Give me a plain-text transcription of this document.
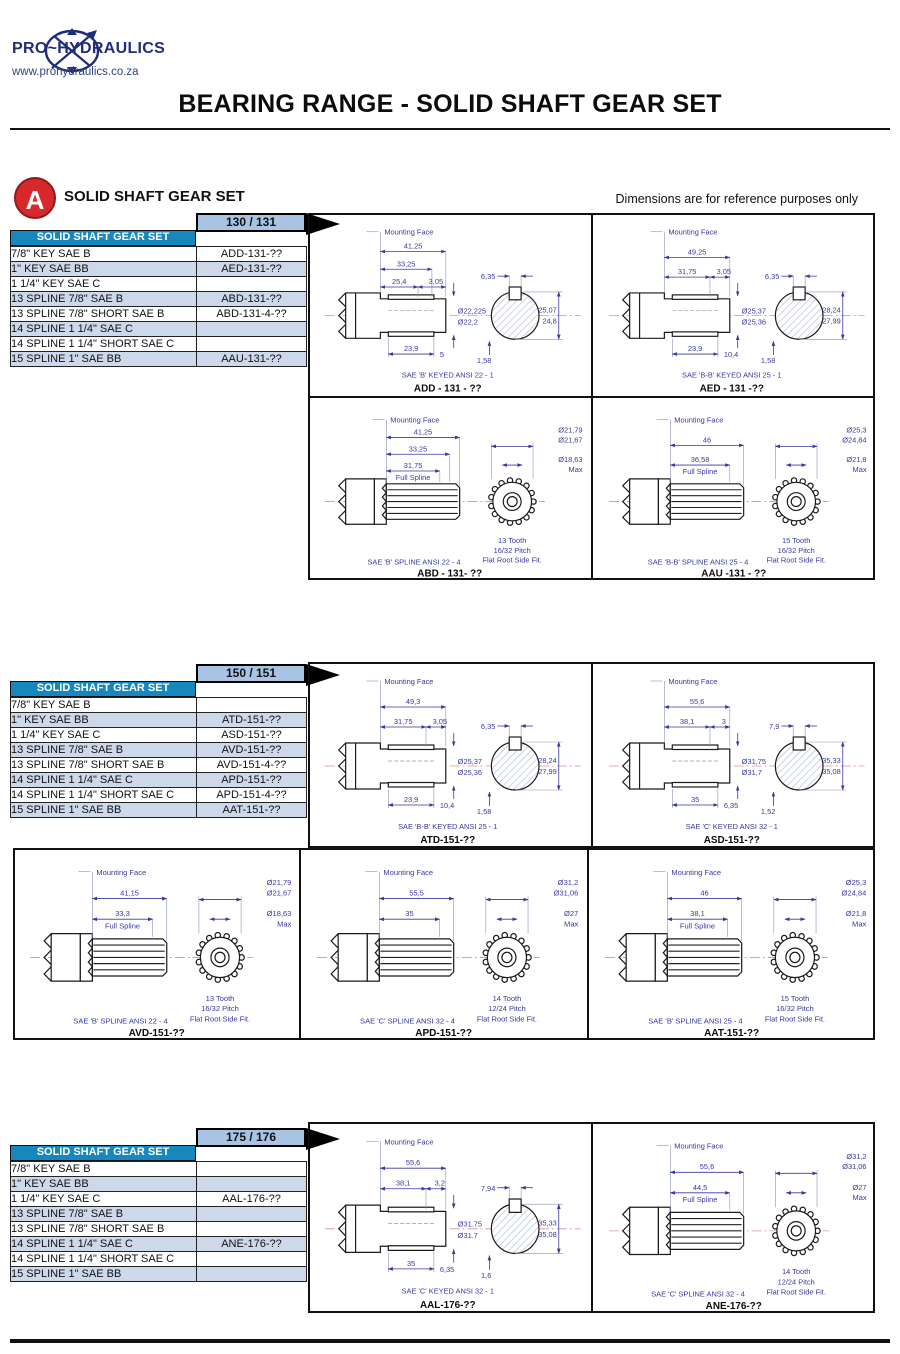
PRO~HYDRAULICS
www.prohydraulics.co.za
BEARING RANGE - SOLID SHAFT GEAR SET
A	SOLID SHAFT GEAR SET	Dimensions are for reference purposes only
130 / 131
SOLID SHAFT GEAR SET
7/8" KEY SAE B	ADD-131-??
1" KEY SAE BB	AED-131-??
1 1/4" KEY SAE C	
13 SPLINE 7/8" SAE B	ABD-131-??
13 SPLINE 7/8" SHORT SAE B	ABD-131-4-??
14 SPLINE 1 1/4" SAE C	
14 SPLINE 1 1/4" SHORT SAE C	
15 SPLINE 1" SAE BB	AAU-131-??
150 / 151
SOLID SHAFT GEAR SET
7/8" KEY SAE B	
1" KEY SAE BB	ATD-151-??
1 1/4" KEY SAE C	ASD-151-??
13 SPLINE 7/8" SAE B	AVD-151-??
13 SPLINE 7/8" SHORT SAE B	AVD-151-4-??
14 SPLINE 1 1/4" SAE C	APD-151-??
14 SPLINE 1 1/4" SHORT SAE C	APD-151-4-??
15 SPLINE 1" SAE BB	AAT-151-??
175 / 176
SOLID SHAFT GEAR SET
7/8" KEY SAE B	
1" KEY SAE BB	
1 1/4" KEY SAE C	AAL-176-??
13 SPLINE 7/8" SAE B	
13 SPLINE 7/8" SHORT SAE B	
14 SPLINE 1 1/4" SAE C	ANE-176-??
14 SPLINE 1 1/4" SHORT SAE C	
15 SPLINE 1" SAE BB	
Mounting Face
41,25
33,25
25,4	3,05
Ø22,225
Ø22,2
23,9
5
6,35
25,07
24,8
1,58
SAE 'B' KEYED ANSI 22 - 1
ADD - 131 - ??
Mounting Face
49,25
31,75	3,05
Ø25,37
Ø25,36
23,9
10,4
6,35
28,24
27,99
1,58
SAE 'B-B' KEYED ANSI 25 - 1
AED - 131 -??
Mounting Face
41,25
33,25
31,75
Full Spline
Ø21,79
Ø21,67
Ø18,63
Max
13 Tooth
16/32 Pitch
Flat Root Side Fit.
SAE 'B' SPLINE ANSI 22 - 4
ABD - 131- ??
Mounting Face
46
36,58
Full Spline
Ø25,3
Ø24,84
Ø21,8
Max
15 Tooth
16/32 Pitch
Flat Root Side Fit.
SAE 'B-B' SPLINE ANSI 25 - 4
AAU -131 - ??
Mounting Face
49,3
31,75	3,05
Ø25,37
Ø25,36
23,9
10,4
6,35
28,24
27,99
1,58
SAE 'B-B' KEYED ANSI 25 - 1
ATD-151-??
Mounting Face
55,6
38,1	3
Ø31,75
Ø31,7
35
6,35
7,9
35,33
35,08
1,52
SAE 'C' KEYED ANSI 32 - 1
ASD-151-??
Mounting Face
41,15
33,3
Full Spline
Ø21,79
Ø21,67
Ø18,63
Max
13 Tooth
16/32 Pitch
Flat Root Side Fit.
SAE 'B' SPLINE ANSI 22 - 4
AVD-151-??
Mounting Face
55,5
35
Ø31,2
Ø31,06
Ø27
Max
14 Tooth
12/24 Pitch
Flat Root Side Fit.
SAE 'C' SPLINE ANSI 32 - 4
APD-151-??
Mounting Face
46
38,1
Full Spline
Ø25,3
Ø24,84
Ø21,8
Max
15 Tooth
16/32 Pitch
Flat Root Side Fit.
SAE 'B' SPLINE ANSI 25 - 4
AAT-151-??
Mounting Face
55,6
38,1	3,2
Ø31.75
Ø31.7
35
6,35
7,94
35,33
35,08
1,6
SAE 'C' KEYED ANSI 32 - 1
AAL-176-??
Mounting Face
55,6
44,5
Full Spline
Ø31,2
Ø31,06
Ø27
Max
14 Tooth
12/24 Pitch
Flat Root Side Fit.
SAE 'C' SPLINE ANSI 32 - 4
ANE-176-??
